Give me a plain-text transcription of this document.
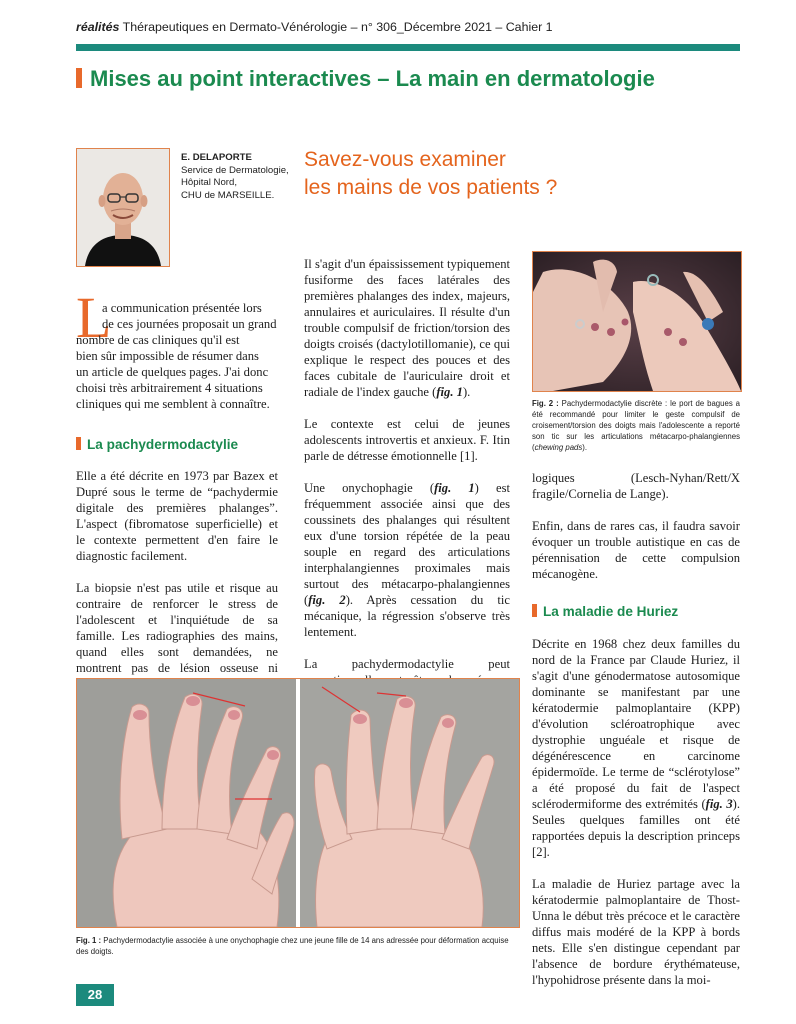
réalités Thérapeutiques en Dermato-Vénérologie – n° 306_Décembre 2021 – Cahier 1
Mises au point interactives – La main en dermatologie
E. DELAPORTE
Service de Dermatologie,
Hôpital Nord,
CHU de MARSEILLE.
Savez-vous examiner
les mains de vos patients ?
L
a communication présentée lors
de ces journées proposait un grand
nombre de cas cliniques qu'il est
bien sûr impossible de résumer dans
un article de quelques pages. J'ai donc
choisi très arbitrairement 4 situations
cliniques qui me semblent à connaître.
La pachydermodactylie

Elle a été décrite en 1973 par Bazex et Dupré sous le terme de “pachydermie digitale des premières phalanges”. L'aspect (fibromatose superficielle) et le contexte permettent d'en faire le diagnostic facilement.

La biopsie n'est pas utile et risque au contraire de renforcer le stress de l'adolescent et l'inquiétude de sa famille. Les radiographies des mains, quand elles sont demandées, ne montrent pas de lésion osseuse ni

Il s'agit d'un épaississement typiquement fusiforme des faces latérales des premières phalanges des index, majeurs, annulaires et auriculaires. Il résulte d'un trouble compulsif de friction/torsion des doigts croisés (dactylotillomanie), ce qui explique le respect des pouces et des faces cubitale de l'auriculaire droit et radiale de l'index gauche (fig. 1).

Le contexte est celui de jeunes adolescents introvertis et anxieux. F. Itin parle de détresse émotionnelle [1].

Une onychophagie (fig. 1) est fréquemment associée ainsi que des coussinets des phalanges qui résultent eux d'une torsion répétée de la peau souple en regard des articulations interphalangiennes proximales mais surtout des métacarpo-phalangiennes (fig. 2). Après cessation du tic mécanique, la régression s'observe très lentement.

La pachydermodactylie peut

Fig. 2 : Pachydermodactylie discrète : le port de bagues a été recommandé pour limiter le geste compulsif de croisement/torsion des doigts mais l'adolescente a reporté son tic sur les articulations métacarpo-phalangiennes (chewing pads).

logiques (Lesch-Nyhan/Rett/X fragile/Cornelia de Lange).

Enfin, dans de rares cas, il faudra savoir évoquer un trouble autistique en cas de pérennisation de cette compulsion mécanogène.

La maladie de Huriez

Décrite en 1968 chez deux familles du nord de la France par Claude Huriez, il s'agit d'une génodermatose autosomique dominante se manifestant par une kératodermie palmoplantaire (KPP) d'évolution sclérοatrophique avec dystrophie unguéale et risque de dégénérescence en carcinome épidermoïde. Le terme de “sclérotylose” a été proposé du fait de l'aspect sclérodermiforme des extrémités (fig. 3). Seules quelques familles ont été rapportées depuis la description princeps [2].

La maladie de Huriez partage avec la kératodermie palmoplantaire de Thost-Unna le début très précoce et le caractère diffus mais modéré de la KPP à bords nets. Elle s'en distingue cependant par l'absence de bordure érythémateuse, l'hypohidrose présente dans la moi-

Fig. 1 : Pachydermodactylie associée à une onychophagie chez une jeune fille de 14 ans adressée pour déformation acquise des doigts.
28
